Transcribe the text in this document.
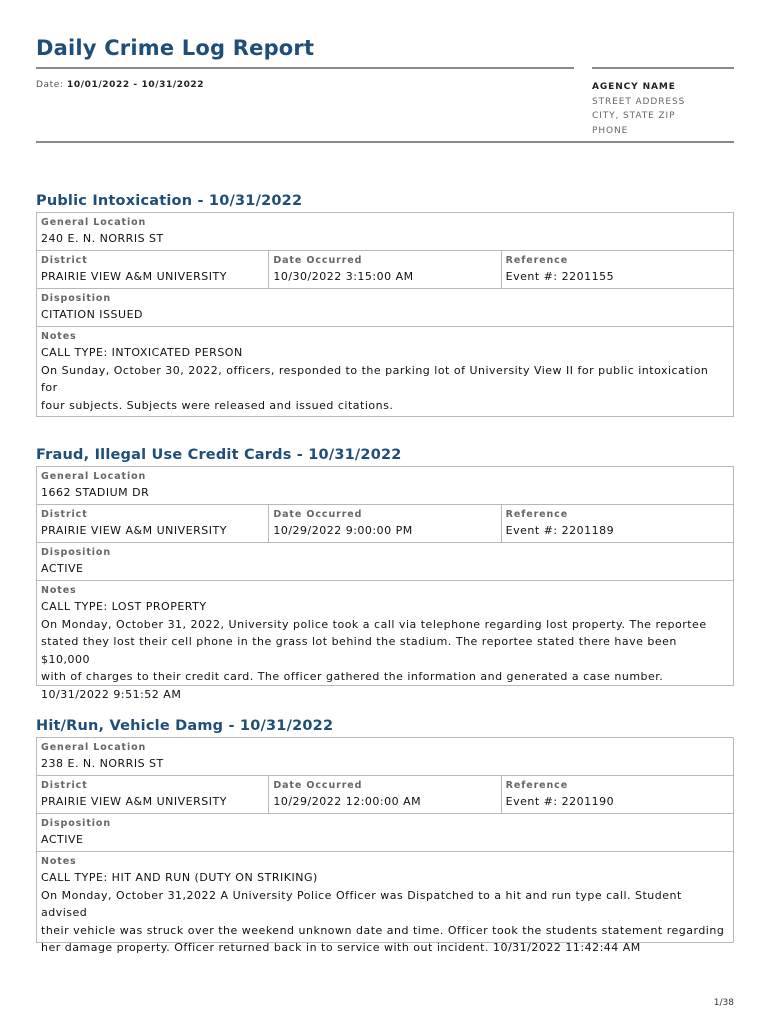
Daily Crime Log Report
Date: 10/01/2022 - 10/31/2022	AGENCY NAME
STREET ADDRESS
CITY, STATE ZIP
PHONE
Public Intoxication - 10/31/2022
General Location
240 E. N. NORRIS ST
District
PRAIRIE VIEW A&M UNIVERSITY
Date Occurred
10/30/2022 3:15:00 AM
Reference
Event #: 2201155
Disposition
CITATION ISSUED
Notes
CALL TYPE: INTOXICATED PERSON
On Sunday, October 30, 2022, officers, responded to the parking lot of University View II for public intoxication for
four subjects. Subjects were released and issued citations.
Fraud, Illegal Use Credit Cards - 10/31/2022
General Location
1662 STADIUM DR
District
PRAIRIE VIEW A&M UNIVERSITY
Date Occurred
10/29/2022 9:00:00 PM
Reference
Event #: 2201189
Disposition
ACTIVE
Notes
CALL TYPE: LOST PROPERTY
On Monday, October 31, 2022, University police took a call via telephone regarding lost property. The reportee
stated they lost their cell phone in the grass lot behind the stadium. The reportee stated there have been $10,000
with of charges to their credit card. The officer gathered the information and generated a case number.
10/31/2022 9:51:52 AM
Hit/Run, Vehicle Damg - 10/31/2022
General Location
238 E. N. NORRIS ST
District
PRAIRIE VIEW A&M UNIVERSITY
Date Occurred
10/29/2022 12:00:00 AM
Reference
Event #: 2201190
Disposition
ACTIVE
Notes
CALL TYPE: HIT AND RUN (DUTY ON STRIKING)
On Monday, October 31,2022 A University Police Officer was Dispatched to a hit and run type call. Student advised
their vehicle was struck over the weekend unknown date and time. Officer took the students statement regarding
her damage property. Officer returned back in to service with out incident. 10/31/2022 11:42:44 AM
1/38
